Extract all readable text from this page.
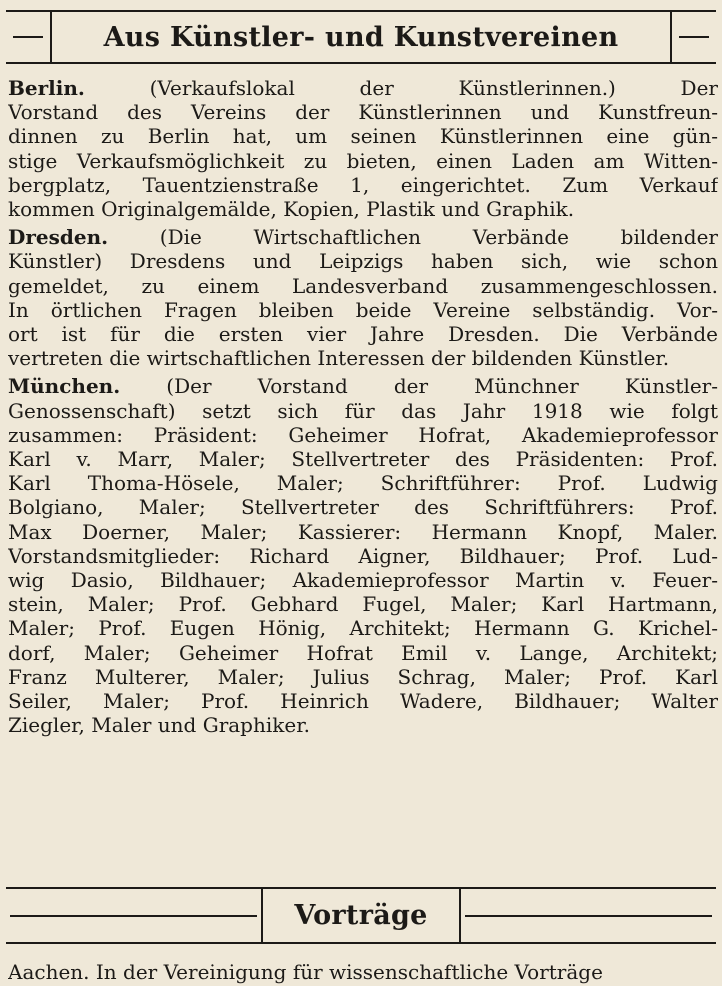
Aus Künstler- und Kunstvereinen
Berlin. (Verkaufslokal der Künstlerinnen.) Der
Vorstand des Vereins der Künstlerinnen und Kunstfreun-
dinnen zu Berlin hat, um seinen Künstlerinnen eine gün-
stige Verkaufsmöglichkeit zu bieten, einen Laden am Witten-
bergplatz, Tauentzienstraße 1, eingerichtet. Zum Verkauf
kommen Originalgemälde, Kopien, Plastik und Graphik.
Dresden. (Die Wirtschaftlichen Verbände bildender
Künstler) Dresdens und Leipzigs haben sich, wie schon
gemeldet, zu einem Landesverband zusammengeschlossen.
In örtlichen Fragen bleiben beide Vereine selbständig. Vor-
ort ist für die ersten vier Jahre Dresden. Die Verbände
vertreten die wirtschaftlichen Interessen der bildenden Künstler.
München. (Der Vorstand der Münchner Künstler-
Genossenschaft) setzt sich für das Jahr 1918 wie folgt
zusammen: Präsident: Geheimer Hofrat, Akademieprofessor
Karl v. Marr, Maler; Stellvertreter des Präsidenten: Prof.
Karl Thoma-Hösele, Maler; Schriftführer: Prof. Ludwig
Bolgiano, Maler; Stellvertreter des Schriftführers: Prof.
Max Doerner, Maler; Kassierer: Hermann Knopf, Maler.
Vorstandsmitglieder: Richard Aigner, Bildhauer; Prof. Lud-
wig Dasio, Bildhauer; Akademieprofessor Martin v. Feuer-
stein, Maler; Prof. Gebhard Fugel, Maler; Karl Hartmann,
Maler; Prof. Eugen Hönig, Architekt; Hermann G. Krichel-
dorf, Maler; Geheimer Hofrat Emil v. Lange, Architekt;
Franz Multerer, Maler; Julius Schrag, Maler; Prof. Karl
Seiler, Maler; Prof. Heinrich Wadere, Bildhauer; Walter
Ziegler, Maler und Graphiker.
Vorträge
Aachen. In der Vereinigung für wissenschaftliche Vorträge
